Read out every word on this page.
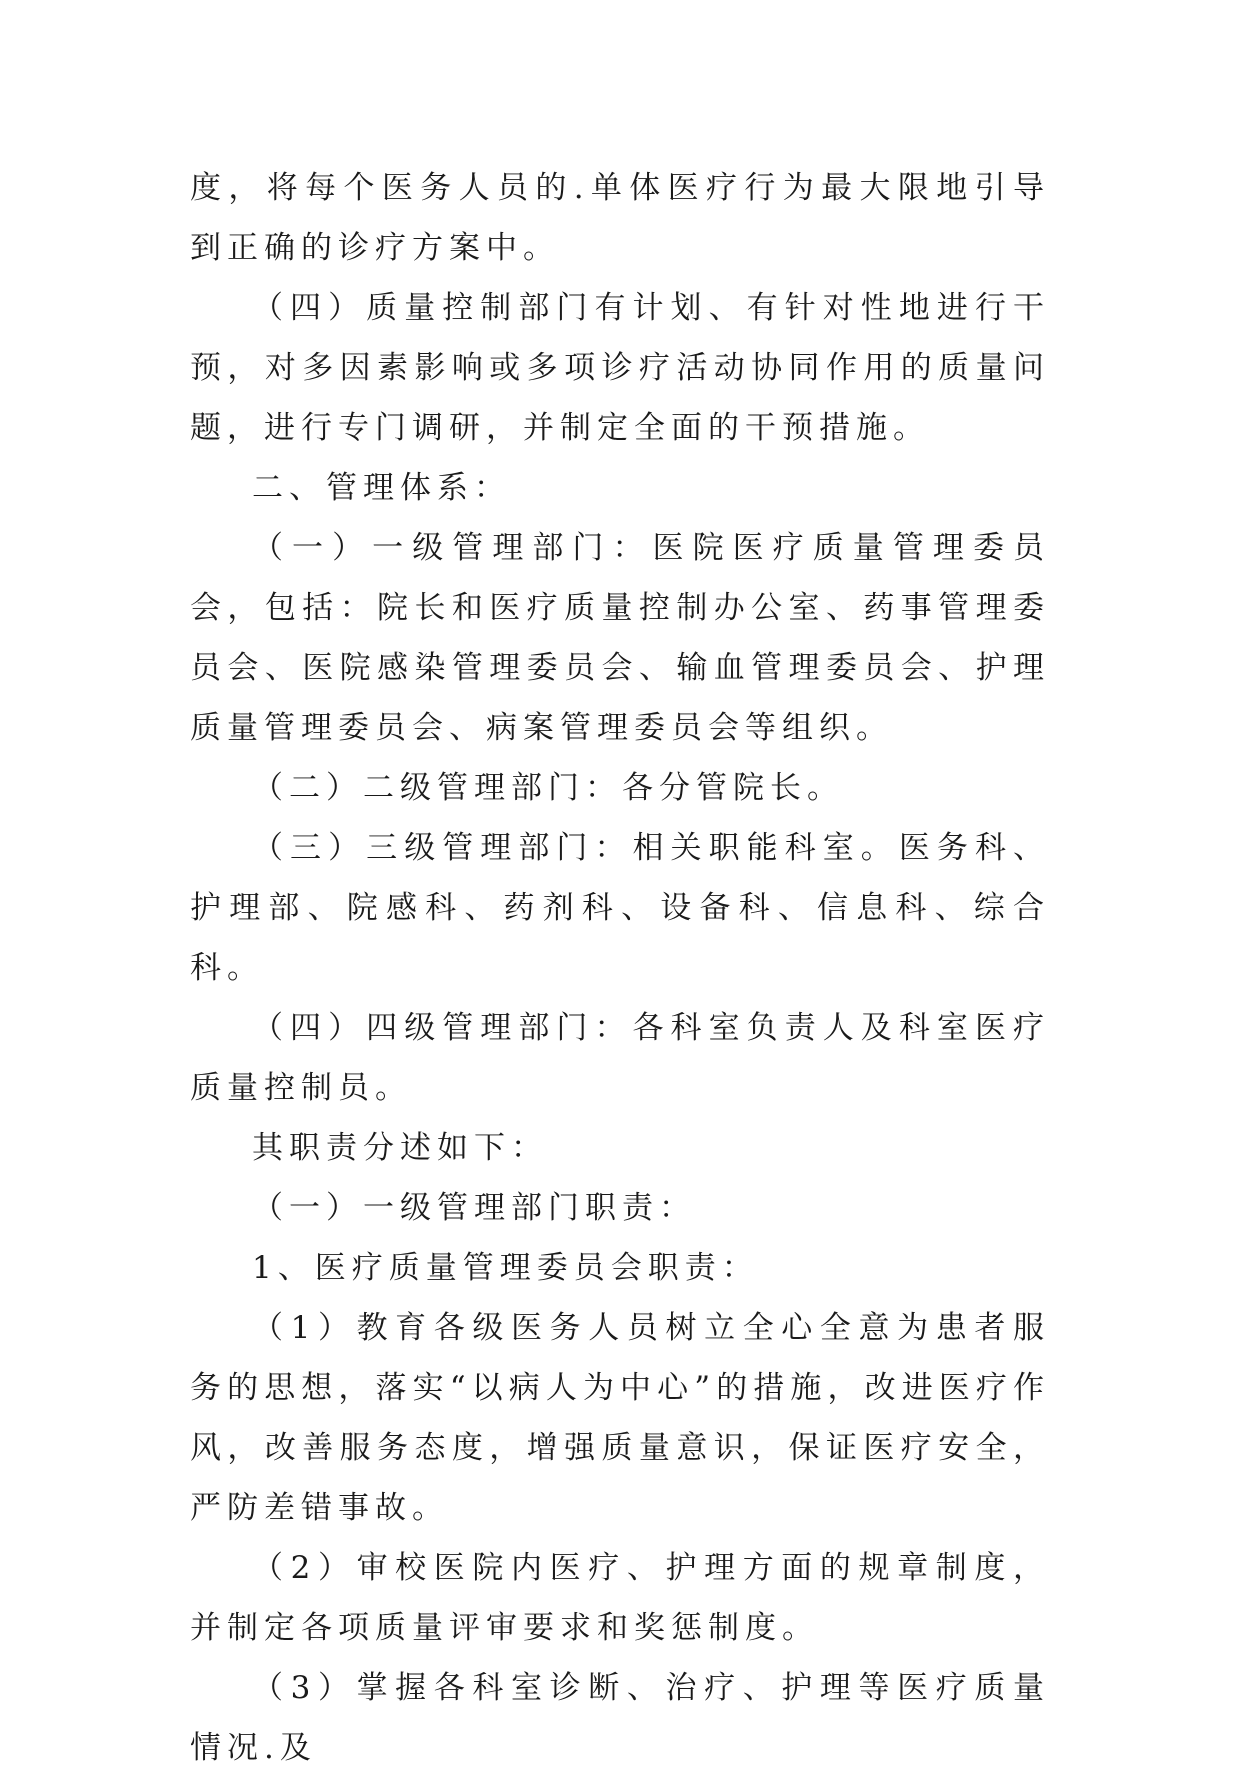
度，将每个医务人员的.单体医疗行为最大限地引导到正确的诊疗方案中。

（四）质量控制部门有计划、有针对性地进行干预，对多因素影响或多项诊疗活动协同作用的质量问题，进行专门调研，并制定全面的干预措施。

二、管理体系：

（一）一级管理部门：医院医疗质量管理委员会，包括：院长和医疗质量控制办公室、药事管理委员会、医院感染管理委员会、输血管理委员会、护理质量管理委员会、病案管理委员会等组织。

（二）二级管理部门：各分管院长。

（三）三级管理部门：相关职能科室。医务科、护理部、院感科、药剂科、设备科、信息科、综合科。

（四）四级管理部门：各科室负责人及科室医疗质量控制员。

其职责分述如下：

（一）一级管理部门职责：

1、医疗质量管理委员会职责：

（1）教育各级医务人员树立全心全意为患者服务的思想，落实“以病人为中心”的措施，改进医疗作风，改善服务态度，增强质量意识，保证医疗安全，严防差错事故。

（2）审校医院内医疗、护理方面的规章制度，并制定各项质量评审要求和奖惩制度。

（3）掌握各科室诊断、治疗、护理等医疗质量情况.及
